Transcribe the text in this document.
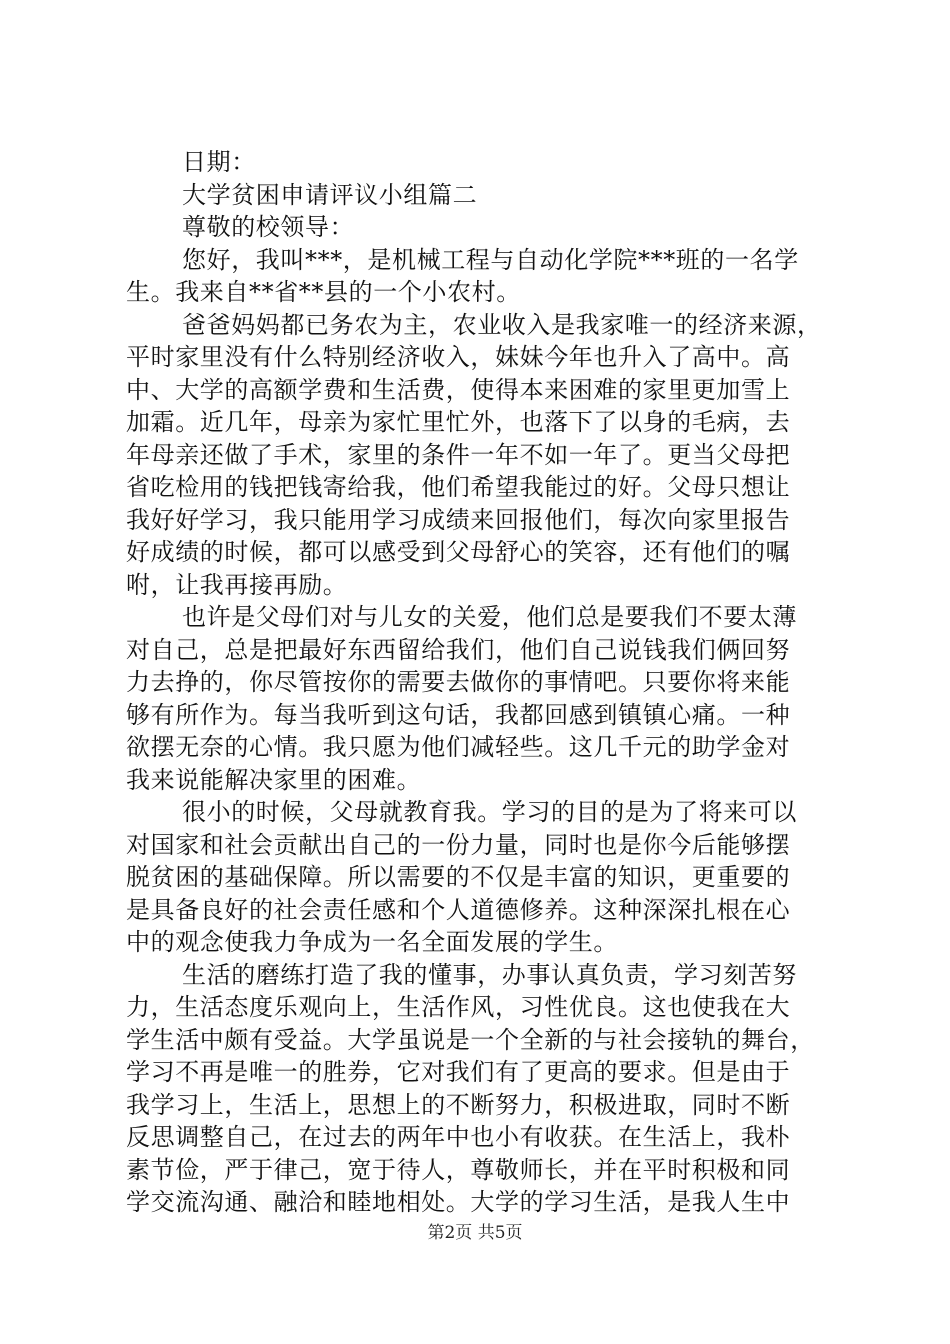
日期：
大学贫困申请评议小组篇二
尊敬的校领导：
您好，我叫***，是机械工程与自动化学院***班的一名学
生。我来自**省**县的一个小农村。
爸爸妈妈都已务农为主，农业收入是我家唯一的经济来源，
平时家里没有什么特别经济收入，妹妹今年也升入了高中。高
中、大学的高额学费和生活费，使得本来困难的家里更加雪上
加霜。近几年，母亲为家忙里忙外，也落下了以身的毛病，去
年母亲还做了手术，家里的条件一年不如一年了。更当父母把
省吃检用的钱把钱寄给我，他们希望我能过的好。父母只想让
我好好学习，我只能用学习成绩来回报他们，每次向家里报告
好成绩的时候，都可以感受到父母舒心的笑容，还有他们的嘱
咐，让我再接再励。
也许是父母们对与儿女的关爱，他们总是要我们不要太薄
对自己，总是把最好东西留给我们，他们自己说钱我们俩回努
力去挣的，你尽管按你的需要去做你的事情吧。只要你将来能
够有所作为。每当我听到这句话，我都回感到镇镇心痛。一种
欲摆无奈的心情。我只愿为他们减轻些。这几千元的助学金对
我来说能解决家里的困难。
很小的时候，父母就教育我。学习的目的是为了将来可以
对国家和社会贡献出自己的一份力量，同时也是你今后能够摆
脱贫困的基础保障。所以需要的不仅是丰富的知识，更重要的
是具备良好的社会责任感和个人道德修养。这种深深扎根在心
中的观念使我力争成为一名全面发展的学生。
生活的磨练打造了我的懂事，办事认真负责，学习刻苦努
力，生活态度乐观向上，生活作风，习性优良。这也使我在大
学生活中颇有受益。大学虽说是一个全新的与社会接轨的舞台，
学习不再是唯一的胜券，它对我们有了更高的要求。但是由于
我学习上，生活上，思想上的不断努力，积极进取，同时不断
反思调整自己，在过去的两年中也小有收获。在生活上，我朴
素节俭，严于律己，宽于待人，尊敬师长，并在平时积极和同
学交流沟通、融洽和睦地相处。大学的学习生活，是我人生中
第2页 共5页
